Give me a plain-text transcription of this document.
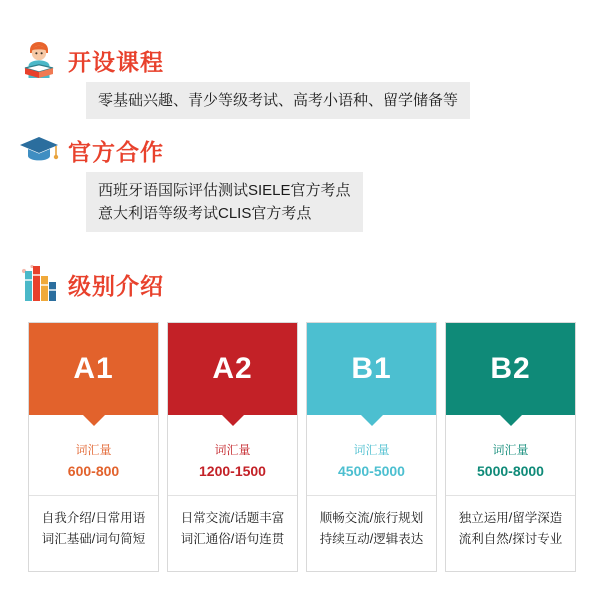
开设课程
零基础兴趣、青少等级考试、高考小语种、留学储备等
官方合作
西班牙语国际评估测试SIELE官方考点
意大利语等级考试CLIS官方考点
级别介绍
A1
词汇量
600-800
自我介绍/日常用语
词汇基础/词句简短
A2
词汇量
1200-1500
日常交流/话题丰富
词汇通俗/语句连贯
B1
词汇量
4500-5000
顺畅交流/旅行规划
持续互动/逻辑表达
B2
词汇量
5000-8000
独立运用/留学深造
流利自然/探讨专业
